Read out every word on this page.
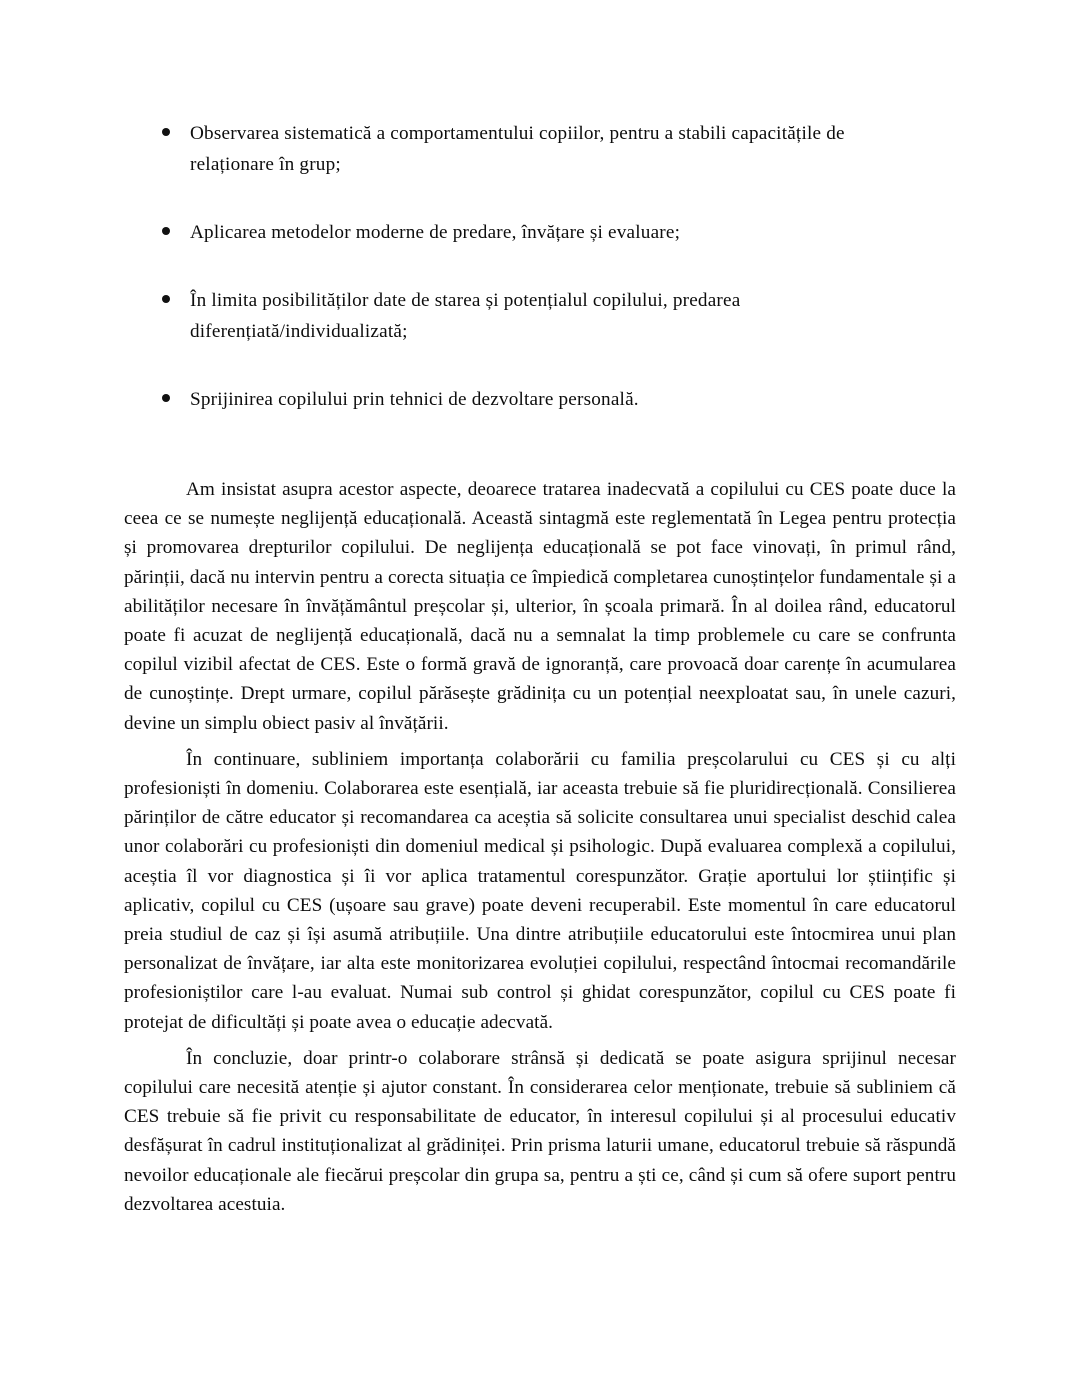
Observarea sistematică a comportamentului copiilor, pentru a stabili capacitățile de relaționare în grup;
Aplicarea metodelor moderne de predare, învățare și evaluare;
În limita posibilităților date de starea și potențialul copilului, predarea diferențiată/individualizată;
Sprijinirea copilului prin tehnici de dezvoltare personală.

Am insistat asupra acestor aspecte, deoarece tratarea inadecvată a copilului cu CES poate duce la ceea ce se numește neglijență educațională. Această sintagmă este reglementată în Legea pentru protecția și promovarea drepturilor copilului. De neglijența educațională se pot face vinovați, în primul rând, părinții, dacă nu intervin pentru a corecta situația ce împiedică completarea cunoștințelor fundamentale și a abilităților necesare în învățământul preșcolar și, ulterior, în școala primară. În al doilea rând, educatorul poate fi acuzat de neglijență educațională, dacă nu a semnalat la timp problemele cu care se confrunta copilul vizibil afectat de CES. Este o formă gravă de ignoranță, care provoacă doar carențe în acumularea de cunoștințe. Drept urmare, copilul părăsește grădinița cu un potențial neexploatat sau, în unele cazuri, devine un simplu obiect pasiv al învățării.

În continuare, subliniem importanța colaborării cu familia preșcolarului cu CES și cu alți profesioniști în domeniu. Colaborarea este esențială, iar aceasta trebuie să fie pluridirecțională. Consilierea părinților de către educator și recomandarea ca aceștia să solicite consultarea unui specialist deschid calea unor colaborări cu profesioniști din domeniul medical și psihologic. După evaluarea complexă a copilului, aceștia îl vor diagnostica și îi vor aplica tratamentul corespunzător. Grație aportului lor științific și aplicativ, copilul cu CES (ușoare sau grave) poate deveni recuperabil. Este momentul în care educatorul preia studiul de caz și își asumă atribuțiile. Una dintre atribuțiile educatorului este întocmirea unui plan personalizat de învățare, iar alta este monitorizarea evoluției copilului, respectând întocmai recomandările profesioniștilor care l-au evaluat. Numai sub control și ghidat corespunzător, copilul cu CES poate fi protejat de dificultăți și poate avea o educație adecvată.

În concluzie, doar printr-o colaborare strânsă și dedicată se poate asigura sprijinul necesar copilului care necesită atenție și ajutor constant. În considerarea celor menționate, trebuie să subliniem că CES trebuie să fie privit cu responsabilitate de educator, în interesul copilului și al procesului educativ desfășurat în cadrul instituționalizat al grădiniței. Prin prisma laturii umane, educatorul trebuie să răspundă nevoilor educaționale ale fiecărui preșcolar din grupa sa, pentru a ști ce, când și cum să ofere suport pentru dezvoltarea acestuia.
